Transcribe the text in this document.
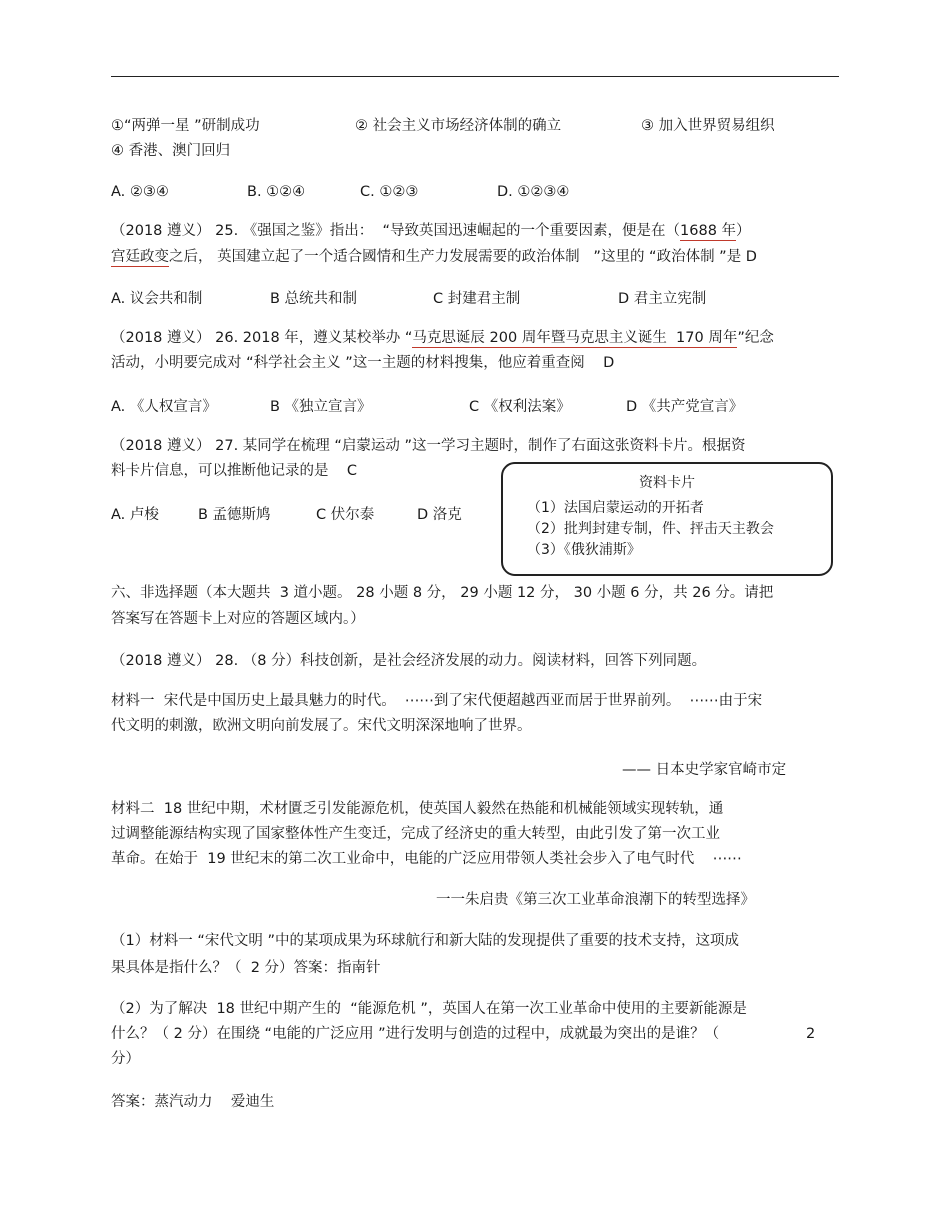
①“两弹一星 ”研制成功	② 社会主义市场经济体制的确立	③ 加入世界贸易组织
④ 香港、澳门回归
A. ②③④	B. ①②④	C. ①②③	D. ①②③④
（2018 遵义） 25. 《强国之鉴》指出：  “导致英国迅速崛起的一个重要因素，便是在（1688 年）
宫廷政变之后， 英国建立起了一个适合國情和生产力发展需要的政治体制   ”这里的 “政治体制 ”是 D
A. 议会共和制	B 总统共和制	C 封建君主制	D 君主立宪制
（2018 遵义） 26. 2018 年，遵义某校举办 “马克思诞辰 200 周年暨马克思主义诞生  170 周年”纪念
活动，小明要完成对 “科学社会主义 ”这一主题的材料搜集，他应着重查阅    D
A. 《人权宣言》	B 《独立宣言》	C 《权利法案》	D 《共产党宣言》
（2018 遵义） 27. 某同学在梳理 “启蒙运动 ”这一学习主题时，制作了右面这张资料卡片。根据资
料卡片信息，可以推断他记录的是    C
A. 卢梭	B 孟德斯鸠	C 伏尔泰	D 洛克
资料卡片
（1）法国启蒙运动的开拓者
（2）批判封建专制，件、抨击天主教会
（3）《俄狄浦斯》
六、非选择题（本大题共  3 道小题。 28 小题 8 分， 29 小题 12 分， 30 小题 6 分，共 26 分。请把
答案写在答题卡上对应的答题区域内。）
（2018 遵义） 28. （8 分）科技创新，是社会经济发展的动力。阅读材料，回答下列同题。
材料一  宋代是中国历史上最具魅力的时代。  ⋯⋯到了宋代便超越西亚而居于世界前列。  ⋯⋯由于宋
代文明的刺激，欧洲文明向前发展了。宋代文明深深地响了世界。
—— 日本史学家官崎市定
材料二  18 世纪中期，术材匱乏引发能源危机，使英国人毅然在热能和机械能领域实现转轨，通
过调整能源结构实现了国家整体性产生变迁，完成了经济史的重大转型，由此引发了第一次工业
革命。在始于  19 世纪末的第二次工业命中，电能的广泛应用带领人类社会步入了电气时代    ⋯⋯
一一朱启贵《第三次工业革命浪潮下的转型选择》
（1）材料一 “宋代文明 ”中的某项成果为环球航行和新大陆的发现提供了重要的技术支持，这项成
果具体是指什么？（  2 分）答案：指南针
（2）为了解决  18 世纪中期产生的  “能源危机 ”，英国人在第一次工业革命中使用的主要新能源是
什么？（ 2 分）在围绕 “电能的广泛应用 ”进行发明与创造的过程中，成就最为突出的是谁？（	2
分）
答案：蒸汽动力    爱迪生
